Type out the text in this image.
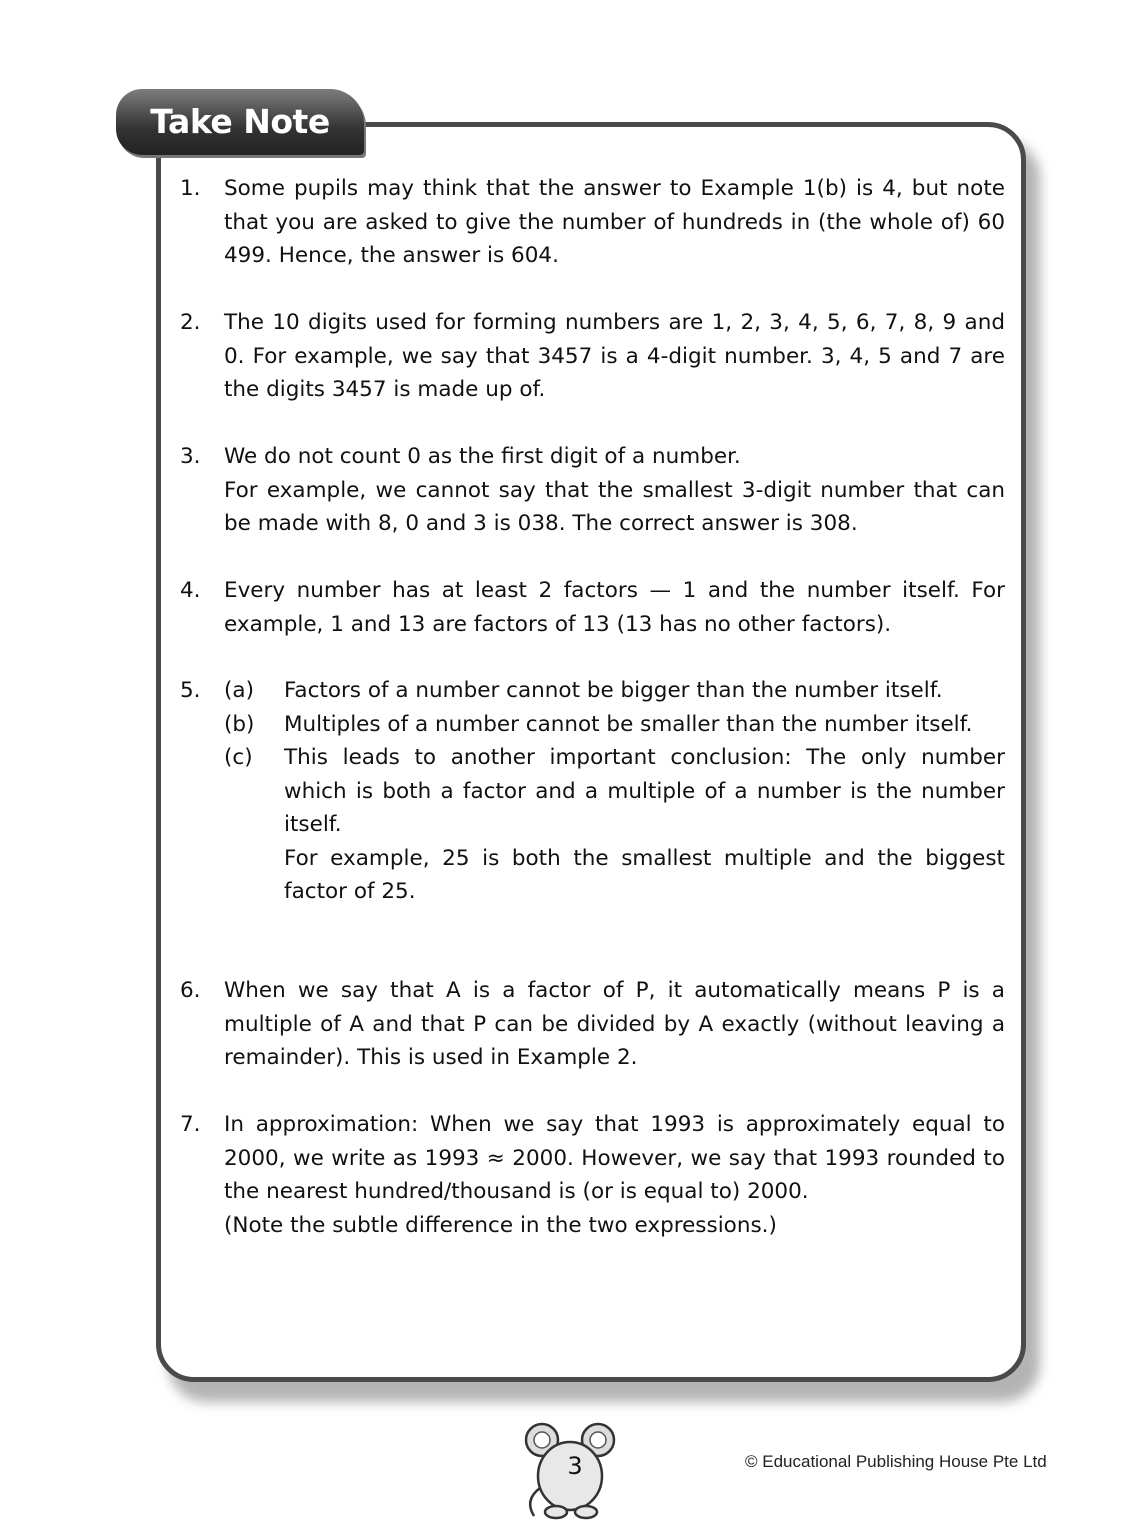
Take Note
1. Some pupils may think that the answer to Example 1(b) is 4, but note that you are asked to give the number of hundreds in (the whole of) 60 499. Hence, the answer is 604.

2. The 10 digits used for forming numbers are 1, 2, 3, 4, 5, 6, 7, 8, 9 and 0. For example, we say that 3457 is a 4-digit number. 3, 4, 5 and 7 are the digits 3457 is made up of.

3. We do not count 0 as the first digit of a number.

For example, we cannot say that the smallest 3-digit number that can be made with 8, 0 and 3 is 038. The correct answer is 308.

4. Every number has at least 2 factors — 1 and the number itself. For example, 1 and 13 are factors of 13 (13 has no other factors).

5. (a) Factors of a number cannot be bigger than the number itself.

(b) Multiples of a number cannot be smaller than the number itself.

(c) This leads to another important conclusion: The only number which is both a factor and a multiple of a number is the number itself.

For example, 25 is both the smallest multiple and the biggest factor of 25.

6. When we say that A is a factor of P, it automatically means P is a multiple of A and that P can be divided by A exactly (without leaving a remainder). This is used in Example 2.

7. In approximation: When we say that 1993 is approximately equal to 2000, we write as 1993 ≈ 2000. However, we say that 1993 rounded to the nearest hundred/thousand is (or is equal to) 2000.

(Note the subtle difference in the two expressions.)

3	© Educational Publishing House Pte Ltd
